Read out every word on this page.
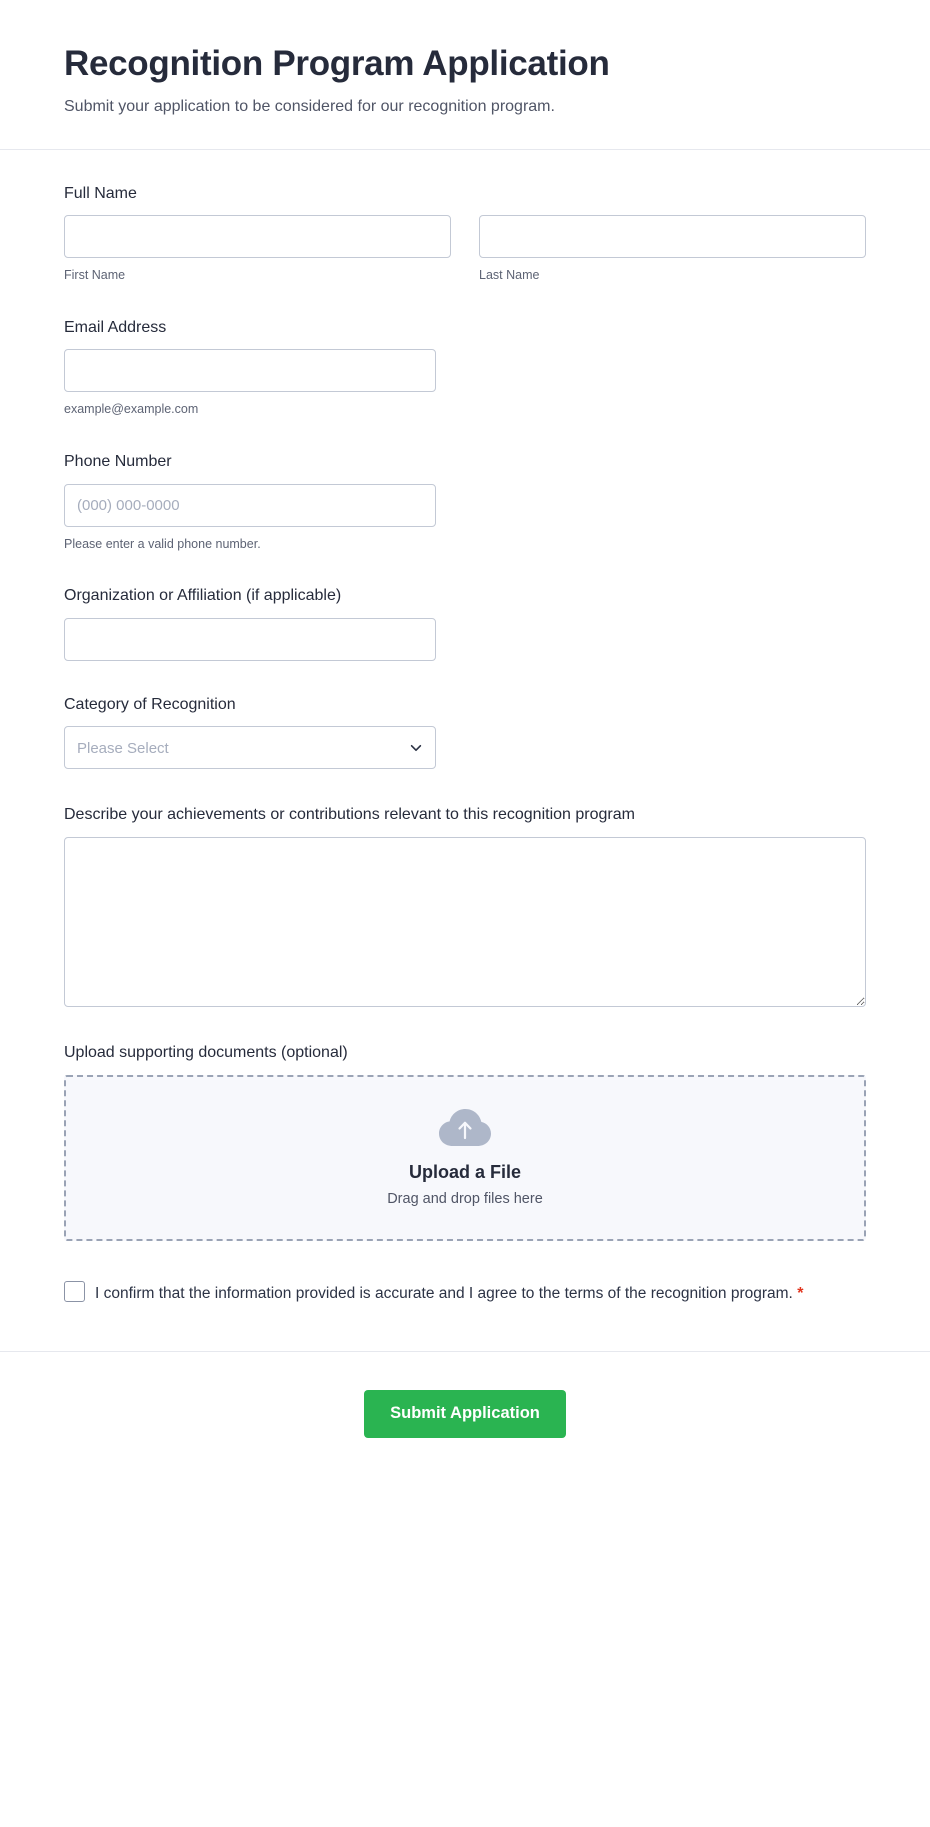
Recognition Program Application

Submit your application to be considered for our recognition program.

Full Name
First Name	Last Name
Email Address
example@example.com
Phone Number
(000) 000-0000
Please enter a valid phone number.
Organization or Affiliation (if applicable)
Category of Recognition
Please Select
Describe your achievements or contributions relevant to this recognition program
Upload supporting documents (optional)

Upload a File

Drag and drop files here

I confirm that the information provided is accurate and I agree to the terms of the recognition program. *
Submit Application
